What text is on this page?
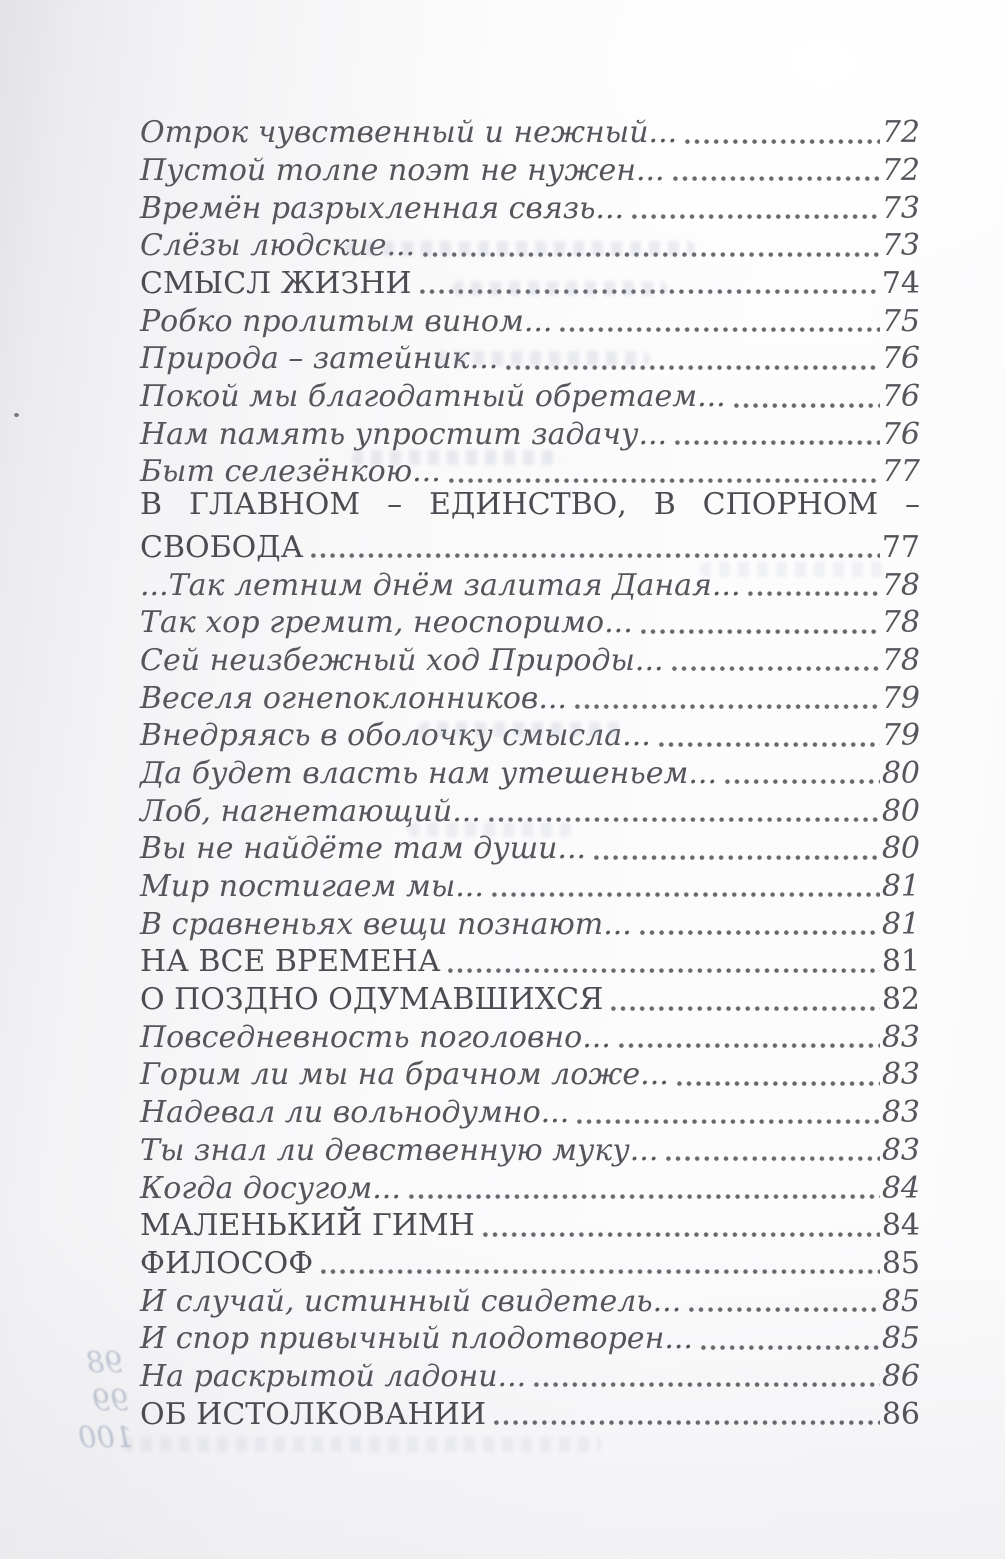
Отрок чувственный и нежный...	72
Пустой толпе поэт не нужен...	72
Времён разрыхленная связь...	73
Слёзы людские...	73
СМЫСЛ ЖИЗНИ	74
Робко пролитым вином...	75
Природа – затейник...	76
Покой мы благодатный обретаем...	76
Нам память упростит задачу...	76
Быт селезёнкою...	77
В ГЛАВНОМ – ЕДИНСТВО, В СПОРНОМ –
СВОБОДА	77
...Так летним днём залитая Даная...	78
Так хор гремит, неоспоримо...	78
Сей неизбежный ход Природы...	78
Веселя огнепоклонников...	79
Внедряясь в оболочку смысла...	79
Да будет власть нам утешеньем...	80
Лоб, нагнетающий...	80
Вы не найдёте там души...	80
Мир постигаем мы...	81
В сравненьях вещи познают...	81
НА ВСЕ ВРЕМЕНА	81
О ПОЗДНО ОДУМАВШИХСЯ	82
Повседневность поголовно...	83
Горим ли мы на брачном ложе...	83
Надевал ли вольнодумно...	83
Ты знал ли девственную муку...	83
Когда досугом...	84
МАЛЕНЬКИЙ ГИМН	84
ФИЛОСОФ	85
И случай, истинный свидетель...	85
И спор привычный плодотворен...	85
На раскрытой ладони...	86
ОБ ИСТОЛКОВАНИИ	86
98
99
100
